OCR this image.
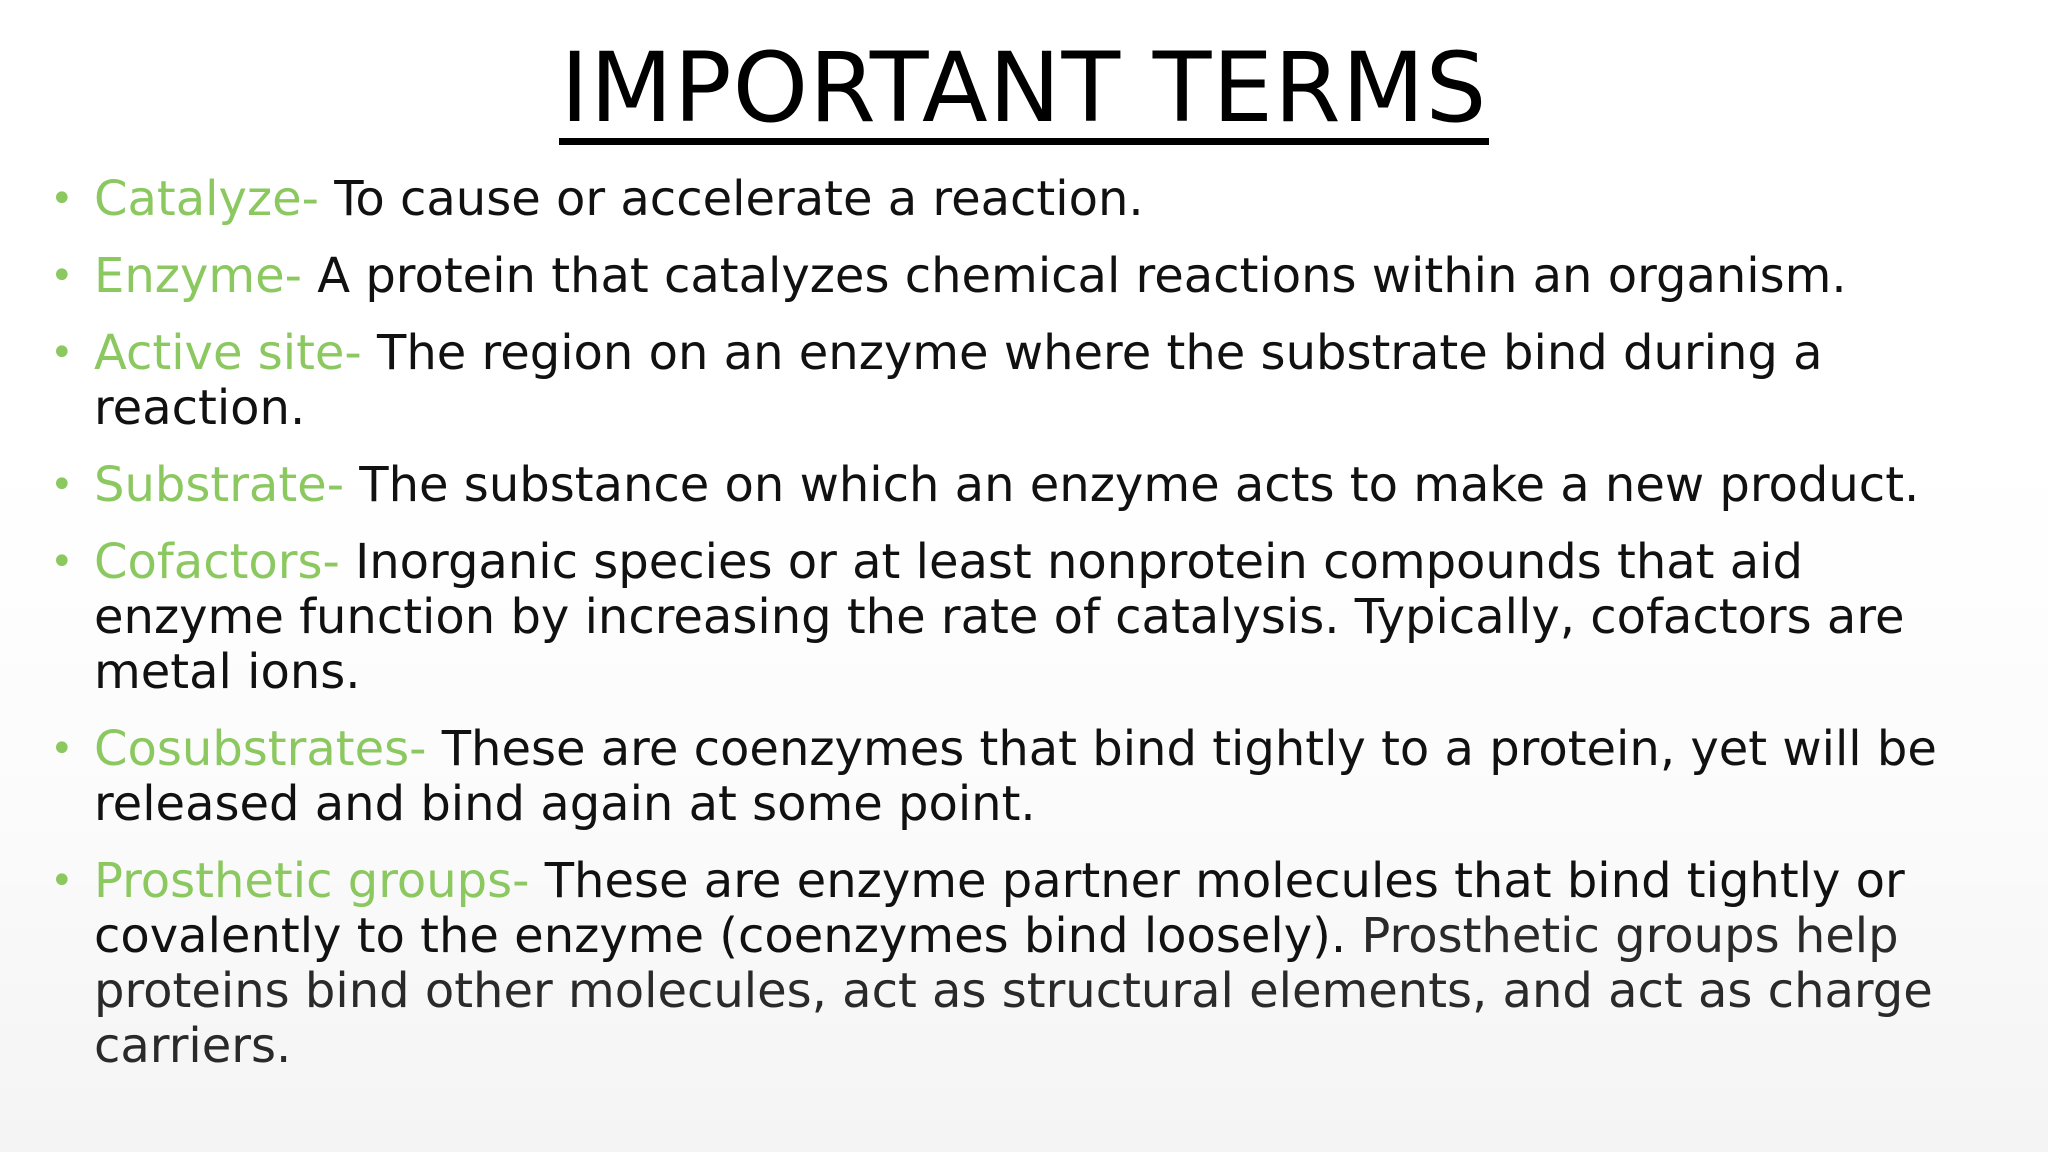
IMPORTANT TERMS
• Catalyze- To cause or accelerate a reaction.
• Enzyme- A protein that catalyzes chemical reactions within an organism.
• Active site- The region on an enzyme where the substrate bind during a reaction.
• Substrate- The substance on which an enzyme acts to make a new product.
• Cofactors- Inorganic species or at least nonprotein compounds that aid enzyme function by increasing the rate of catalysis. Typically, cofactors are metal ions.
• Cosubstrates- These are coenzymes that bind tightly to a protein, yet will be released and bind again at some point.
• Prosthetic groups- These are enzyme partner molecules that bind tightly or covalently to the enzyme (coenzymes bind loosely). Prosthetic groups help proteins bind other molecules, act as structural elements, and act as charge carriers.
